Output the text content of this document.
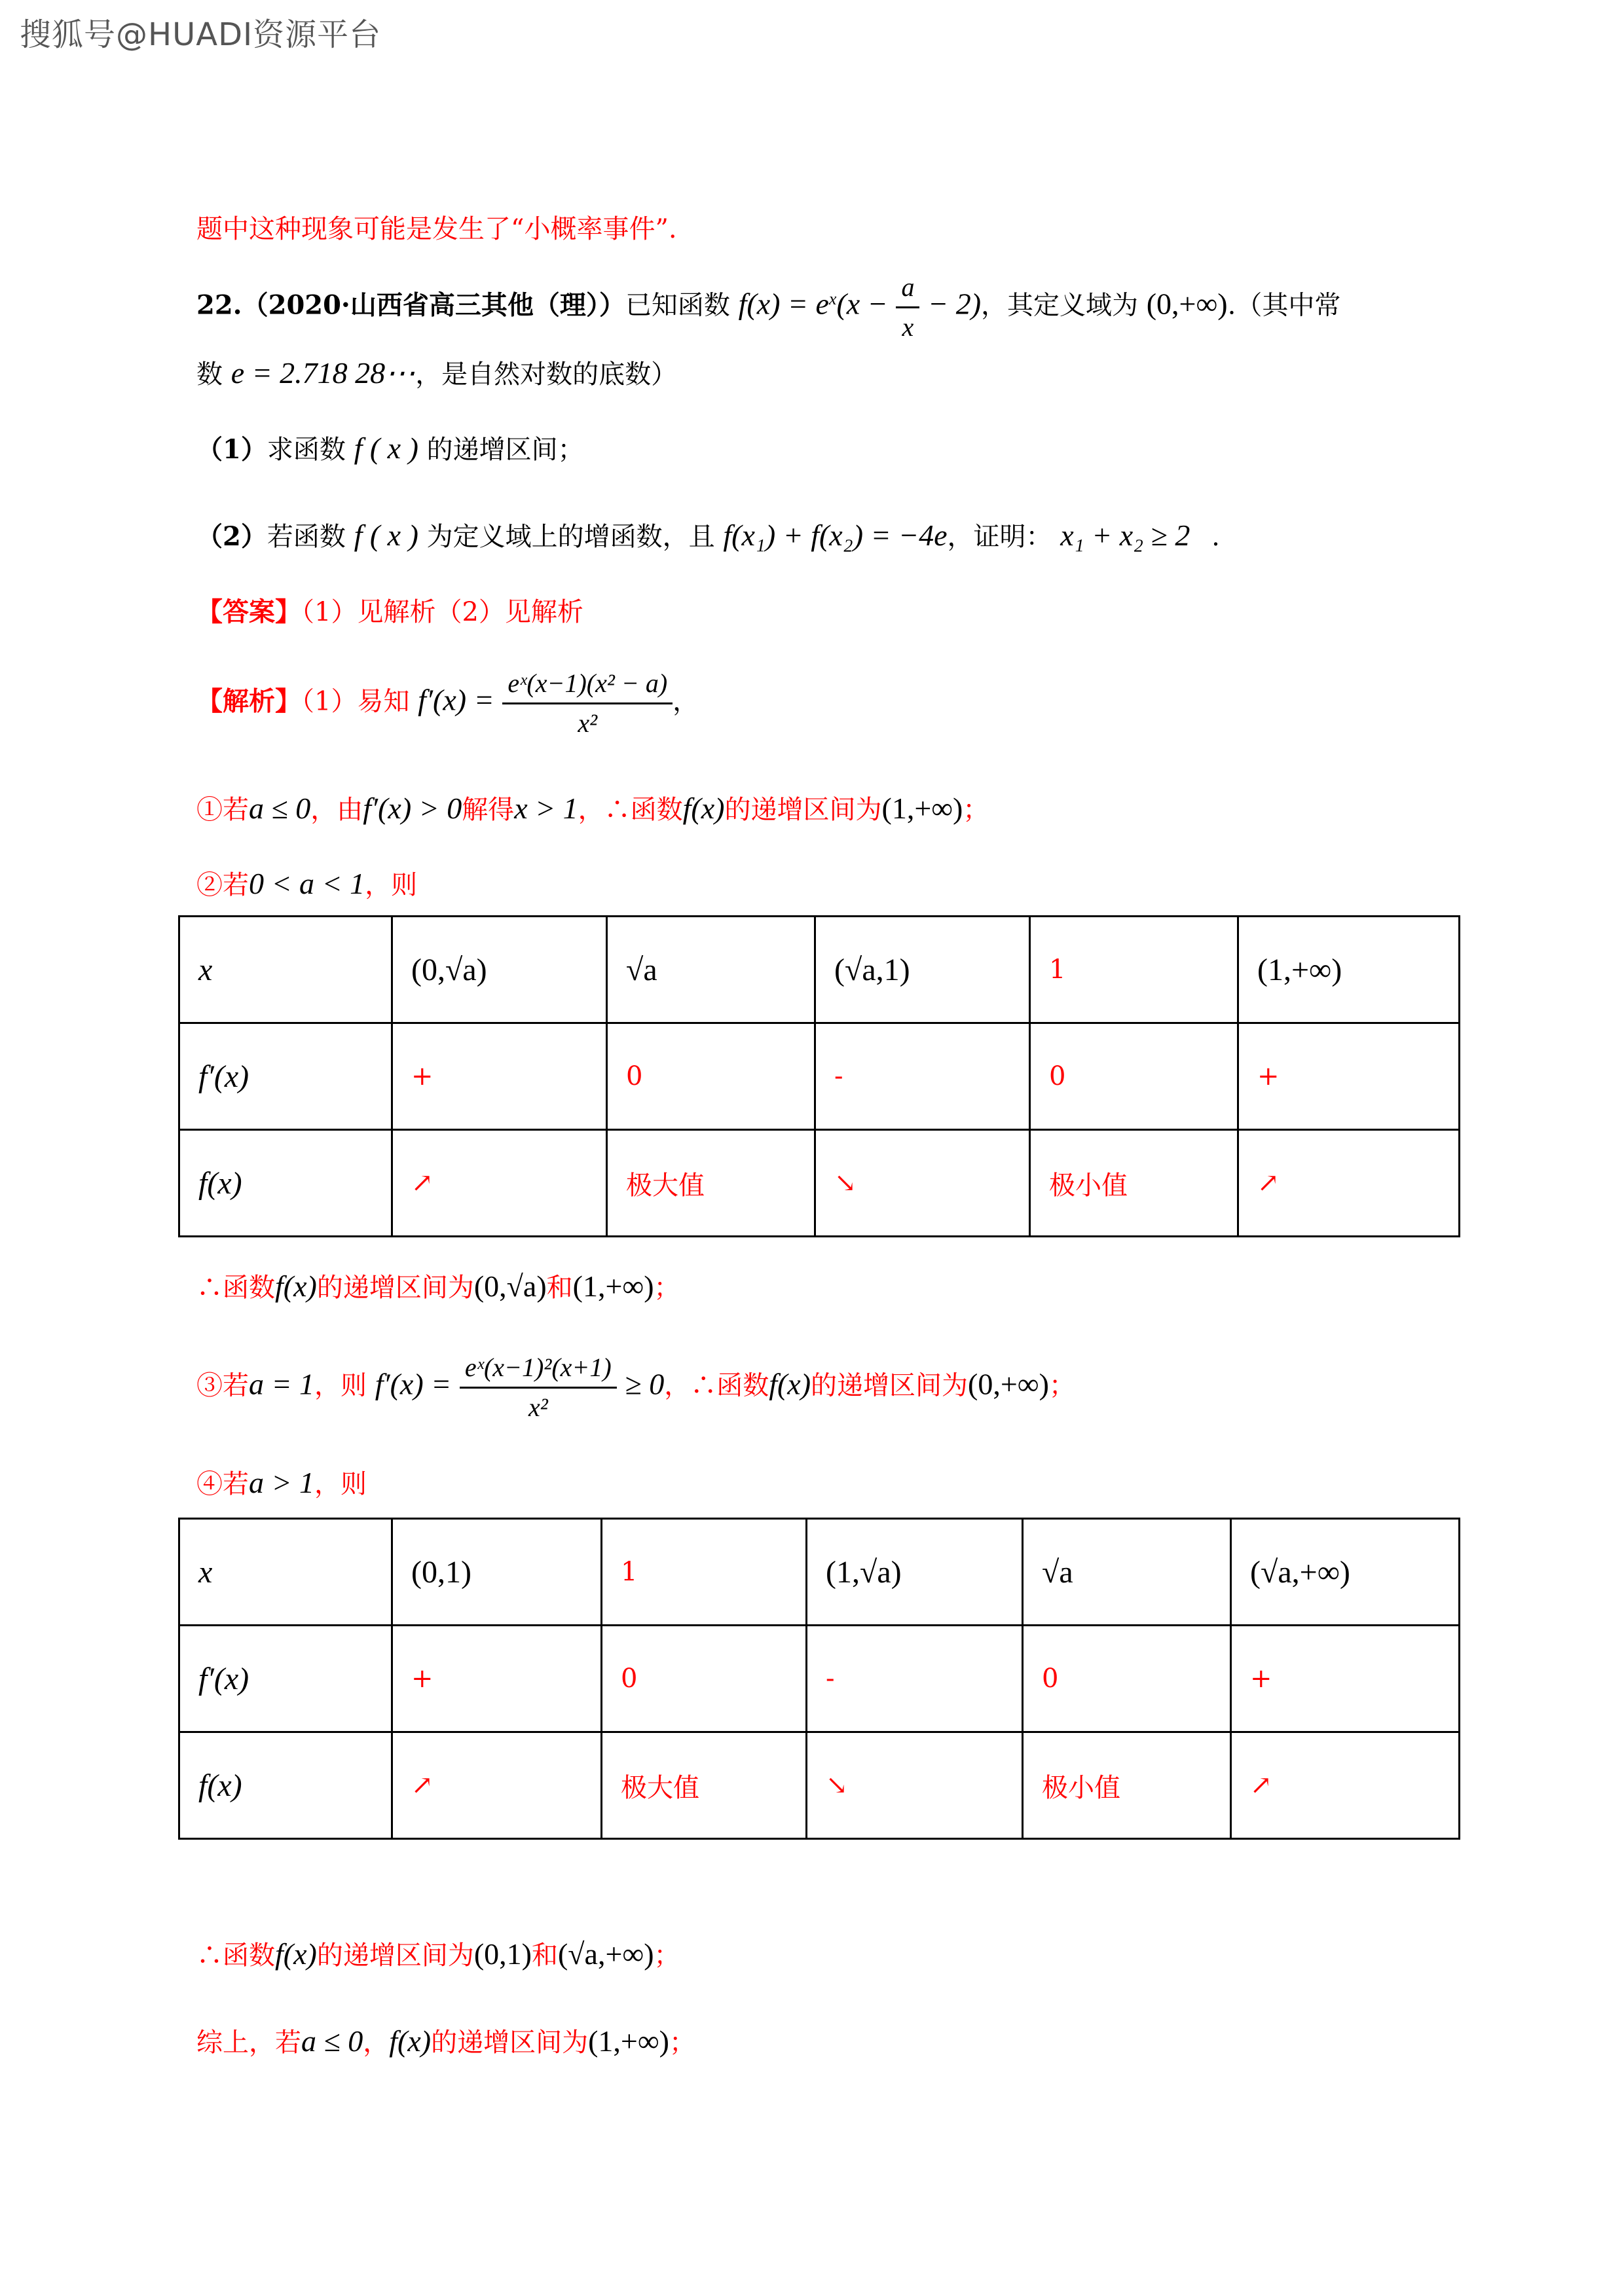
搜狐号@HUADI资源平台
题中这种现象可能是发生了“小概率事件”.
22.（2020·山西省高三其他（理））已知函数 $f(x) = e^x(x - \frac{a}{x} - 2)$，其定义域为 (0,+∞).（其中常
数 e = 2.718 28⋯，是自然对数的底数）
（1）求函数 f ( x ) 的递增区间；
（2）若函数 f ( x ) 为定义域上的增函数，且 f(x₁) + f(x₂) = −4e，证明： x₁ + x₂ ≥ 2 .
【答案】（1）见解析（2）见解析
【解析】（1）易知 $f'(x) = \frac{\text{eˣ(x−1)(x² − a)}}{\text{x²}}$ ，
①若a ≤ 0，由f′(x) > 0解得x > 1，∴函数f(x)的递增区间为(1,+∞)；
②若0 < a < 1，则
x	(0,√a)	√a	(√a,1)	1	(1,+∞)
f′(x)	+	0	-	0	+
f(x)	↗	极大值	↘	极小值	↗
∴函数f(x)的递增区间为(0,√a)和(1,+∞)；
③若a = 1，则 $f'(x) = \frac{\text{eˣ(x−1)²(x+1)}}{\text{x²}} \ge 0$，∴函数f(x)的递增区间为(0,+∞)；
④若a > 1，则
x	(0,1)	1	(1,√a)	√a	(√a,+∞)
f′(x)	+	0	-	0	+
f(x)	↗	极大值	↘	极小值	↗
∴函数f(x)的递增区间为(0,1)和(√a,+∞)；
综上，若a ≤ 0，f(x)的递增区间为(1,+∞)；
